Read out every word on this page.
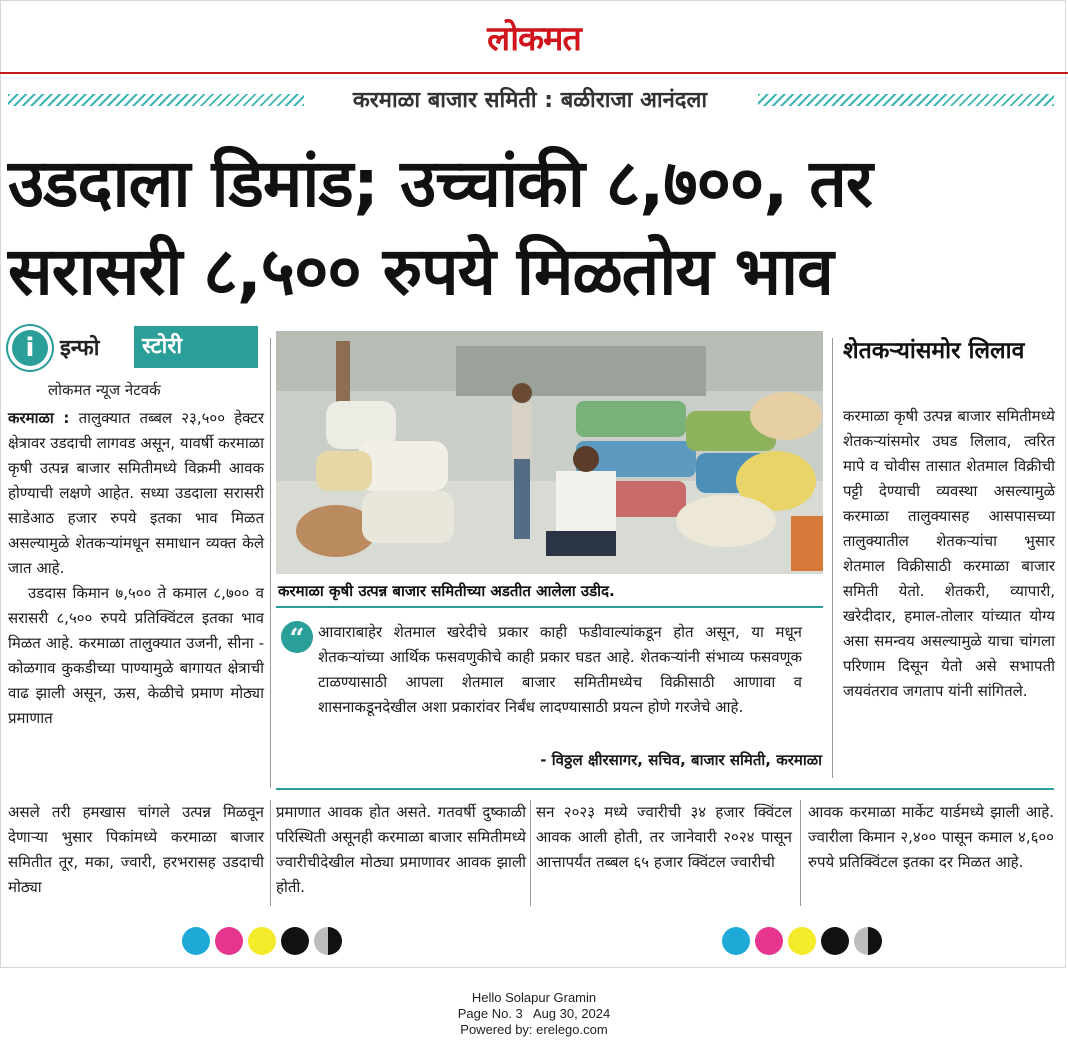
लोकमत
करमाळा बाजार समिती : बळीराजा आनंदला
उडदाला डिमांड; उच्चांकी ८,७००, तर
सरासरी ८,५०० रुपये मिळतोय भाव
i	इन्फो	स्टोरी
लोकमत न्यूज नेटवर्क

करमाळा : तालुक्यात तब्बल २३,५०० हेक्टर क्षेत्रावर उडदाची लागवड असून, यावर्षी करमाळा कृषी उत्पन्न बाजार समितीमध्ये विक्रमी आवक होण्याची लक्षणे आहेत. सध्या उडदाला सरासरी साडेआठ हजार रुपये इतका भाव मिळत असल्यामुळे शेतकऱ्यांमधून समाधान व्यक्त केले जात आहे.

उडदास किमान ७,५०० ते कमाल ८,७०० व सरासरी ८,५०० रुपये प्रतिक्विंटल इतका भाव मिळत आहे. करमाळा तालुक्यात उजनी, सीना - कोळगाव कुकडीच्या पाण्यामुळे बागायत क्षेत्राची वाढ झाली असून, ऊस, केळीचे प्रमाण मोठ्या प्रमाणात

करमाळा कृषी उत्पन्न बाजार समितीच्या अडतीत आलेला उडीद.
“ आवाराबाहेर शेतमाल खरेदीचे प्रकार काही फडीवाल्यांकडून होत असून, या मधून शेतकऱ्यांच्या आर्थिक फसवणुकीचे काही प्रकार घडत आहे. शेतकऱ्यांनी संभाव्य फसवणूक टाळण्यासाठी आपला शेतमाल बाजार समितीमध्येच विक्रीसाठी आणावा व शासनाकडूनदेखील अशा प्रकारांवर निर्बंध लादण्यासाठी प्रयत्न होणे गरजेचे आहे.
- विठ्ठल क्षीरसागर, सचिव, बाजार समिती, करमाळा
शेतकऱ्यांसमोर लिलाव
करमाळा कृषी उत्पन्न बाजार समितीमध्ये शेतकऱ्यांसमोर उघड लिलाव, त्वरित मापे व चोवीस तासात शेतमाल विक्रीची पट्टी देण्याची व्यवस्था असल्यामुळे करमाळा तालुक्यासह आसपासच्या तालुक्यातील शेतकऱ्यांचा भुसार शेतमाल विक्रीसाठी करमाळा बाजार समिती येतो. शेतकरी, व्यापारी, खरेदीदार, हमाल-तोलार यांच्यात योग्य असा समन्वय असल्यामुळे याचा चांगला परिणाम दिसून येतो असे सभापती जयवंतराव जगताप यांनी सांगितले.
असले तरी हमखास चांगले उत्पन्न मिळवून देणाऱ्या भुसार पिकांमध्ये करमाळा बाजार समितीत तूर, मका, ज्वारी, हरभरासह उडदाची मोठ्या
प्रमाणात आवक होत असते. गतवर्षी दुष्काळी परिस्थिती असूनही करमाळा बाजार समितीमध्ये ज्वारीचीदेखील मोठ्या प्रमाणावर आवक झाली होती.
सन २०२३ मध्ये ज्वारीची ३४ हजार क्विंटल आवक आली होती, तर जानेवारी २०२४ पासून आत्तापर्यंत तब्बल ६५ हजार क्विंटल ज्वारीची
आवक करमाळा मार्केट यार्डमध्ये झाली आहे. ज्वारीला किमान २,४०० पासून कमाल ४,६०० रुपये प्रतिक्विंटल इतका दर मिळत आहे.
Hello Solapur Gramin
Page No. 3   Aug 30, 2024
Powered by: erelego.com
